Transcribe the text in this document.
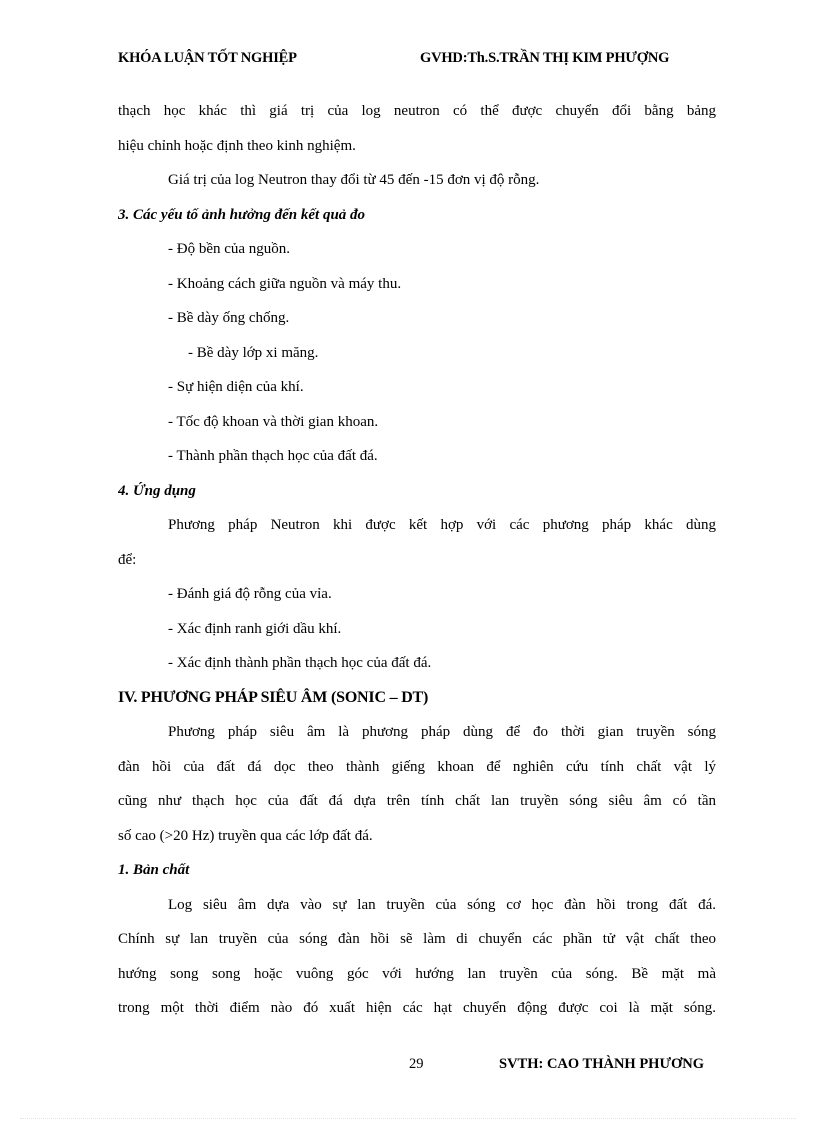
KHÓA LUẬN TỐT NGHIỆP	GVHD:Th.S.TRẦN THỊ KIM PHƯỢNG
thạch học khác thì giá trị của log neutron có thể được chuyển đổi bằng bảng
hiệu chỉnh hoặc định theo kinh nghiệm.
Giá trị của log Neutron thay đổi từ 45 đến -15 đơn vị độ rỗng.
3. Các yếu tố ảnh hưởng đến kết quả đo
- Độ bền của nguồn.
- Khoảng cách giữa nguồn và máy thu.
- Bề dày ống chống.
- Bề dày lớp xi măng.
- Sự hiện diện của khí.
- Tốc độ khoan và thời gian khoan.
- Thành phần thạch học của đất đá.
4. Ứng dụng
Phương pháp Neutron khi được kết hợp với các phương pháp khác dùng
để:
- Đánh giá độ rỗng của vỉa.
- Xác định ranh giới dầu khí.
- Xác định thành phần thạch học của đất đá.
IV. PHƯƠNG PHÁP SIÊU ÂM (SONIC – DT)
Phương pháp siêu âm là phương pháp dùng để đo thời gian truyền sóng
đàn hồi của đất đá dọc theo thành giếng khoan để nghiên cứu tính chất vật lý
cũng như thạch học của đất đá dựa trên tính chất lan truyền sóng siêu âm có tần
số cao (>20 Hz) truyền qua các lớp đất đá.
1. Bản chất
Log siêu âm dựa vào sự lan truyền của sóng cơ học đàn hồi trong đất đá.
Chính sự lan truyền của sóng đàn hồi sẽ làm di chuyển các phần tử vật chất theo
hướng song song hoặc vuông góc với hướng lan truyền của sóng. Bề mặt mà
trong một thời điểm nào đó xuất hiện các hạt chuyển động được coi là mặt sóng.
29	SVTH: CAO THÀNH PHƯƠNG
